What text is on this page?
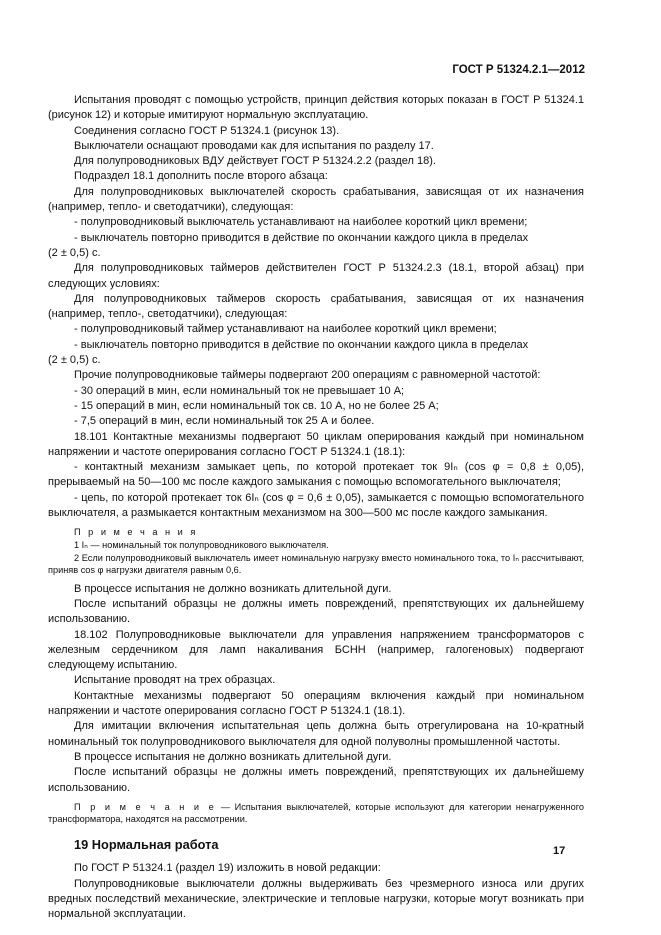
ГОСТ Р 51324.2.1—2012

Испытания проводят с помощью устройств, принцип действия которых показан в ГОСТ Р 51324.1 (рисунок 12) и которые имитируют нормальную эксплуатацию.

Соединения согласно ГОСТ Р 51324.1 (рисунок 13).

Выключатели оснащают проводами как для испытания по разделу 17.

Для полупроводниковых ВДУ действует ГОСТ Р 51324.2.2 (раздел 18).

Подраздел 18.1 дополнить после второго абзаца:

Для полупроводниковых выключателей скорость срабатывания, зависящая от их назначения (например, тепло- и светодатчики), следующая:

- полупроводниковый выключатель устанавливают на наиболее короткий цикл времени;

- выключатель повторно приводится в действие по окончании каждого цикла в пределах

(2 ± 0,5) с.

Для полупроводниковых таймеров действителен ГОСТ Р 51324.2.3 (18.1, второй абзац) при следующих условиях:

Для полупроводниковых таймеров скорость срабатывания, зависящая от их назначения (например, тепло-, светодатчики), следующая:

- полупроводниковый таймер устанавливают на наиболее короткий цикл времени;

- выключатель повторно приводится в действие по окончании каждого цикла в пределах

(2 ± 0,5) с.

Прочие полупроводниковые таймеры подвергают 200 операциям с равномерной частотой:

- 30 операций в мин, если номинальный ток не превышает 10 А;

- 15 операций в мин, если номинальный ток св. 10 А, но не более 25 А;

- 7,5 операций в мин, если номинальный ток 25 А и более.

18.101 Контактные механизмы подвергают 50 циклам оперирования каждый при номинальном напряжении и частоте оперирования согласно ГОСТ Р 51324.1 (18.1):

- контактный механизм замыкает цепь, по которой протекает ток 9Iₙ (cos φ = 0,8 ± 0,05), прерываемый на 50—100 мс после каждого замыкания с помощью вспомогательного выключателя;

- цепь, по которой протекает ток 6Iₙ (cos φ = 0,6 ± 0,05), замыкается с помощью вспомогательного выключателя, а размыкается контактным механизмом на 300—500 мс после каждого замыкания.

П р и м е ч а н и я

1 Iₙ — номинальный ток полупроводникового выключателя.

2 Если полупроводниковый выключатель имеет номинальную нагрузку вместо номинального тока, то Iₙ рассчитывают, приняв cos φ нагрузки двигателя равным 0,6.

В процессе испытания не должно возникать длительной дуги.

После испытаний образцы не должны иметь повреждений, препятствующих их дальнейшему использованию.

18.102 Полупроводниковые выключатели для управления напряжением трансформаторов с железным сердечником для ламп накаливания БСНН (например, галогеновых) подвергают следующему испытанию.

Испытание проводят на трех образцах.

Контактные механизмы подвергают 50 операциям включения каждый при номинальном напряжении и частоте оперирования согласно ГОСТ Р 51324.1 (18.1).

Для имитации включения испытательная цепь должна быть отрегулирована на 10-кратный номинальный ток полупроводникового выключателя для одной полуволны промышленной частоты.

В процессе испытания не должно возникать длительной дуги.

После испытаний образцы не должны иметь повреждений, препятствующих их дальнейшему использованию.

П р и м е ч а н и е — Испытания выключателей, которые используют для категории ненагруженного трансформатора, находятся на рассмотрении.

19 Нормальная работа

По ГОСТ Р 51324.1 (раздел 19) изложить в новой редакции:

Полупроводниковые выключатели должны выдерживать без чрезмерного износа или других вредных последствий механические, электрические и тепловые нагрузки, которые могут возникать при нормальной эксплуатации.

17
